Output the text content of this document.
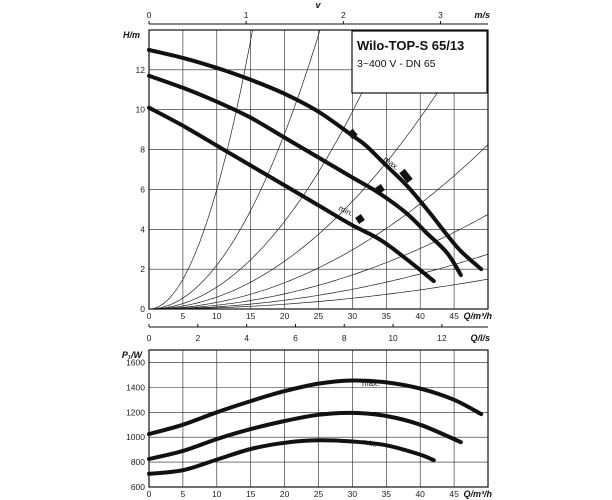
Wilo-TOP-S 65/13
3~400 V - DN 65
max.
min.
0
2
4
6
8
10
12
H/m
0	5	10	15	20	25	30	35	40	45 Q/m³/h
0	2	4	6	8	10	12	Q/l/s
0	1	2	3	m/s
v
max.
min.
600
800
1000
1200
1400
1600
P₁/W
0	5	10	15	20	25	30	35	40	45 Q/m³/h
